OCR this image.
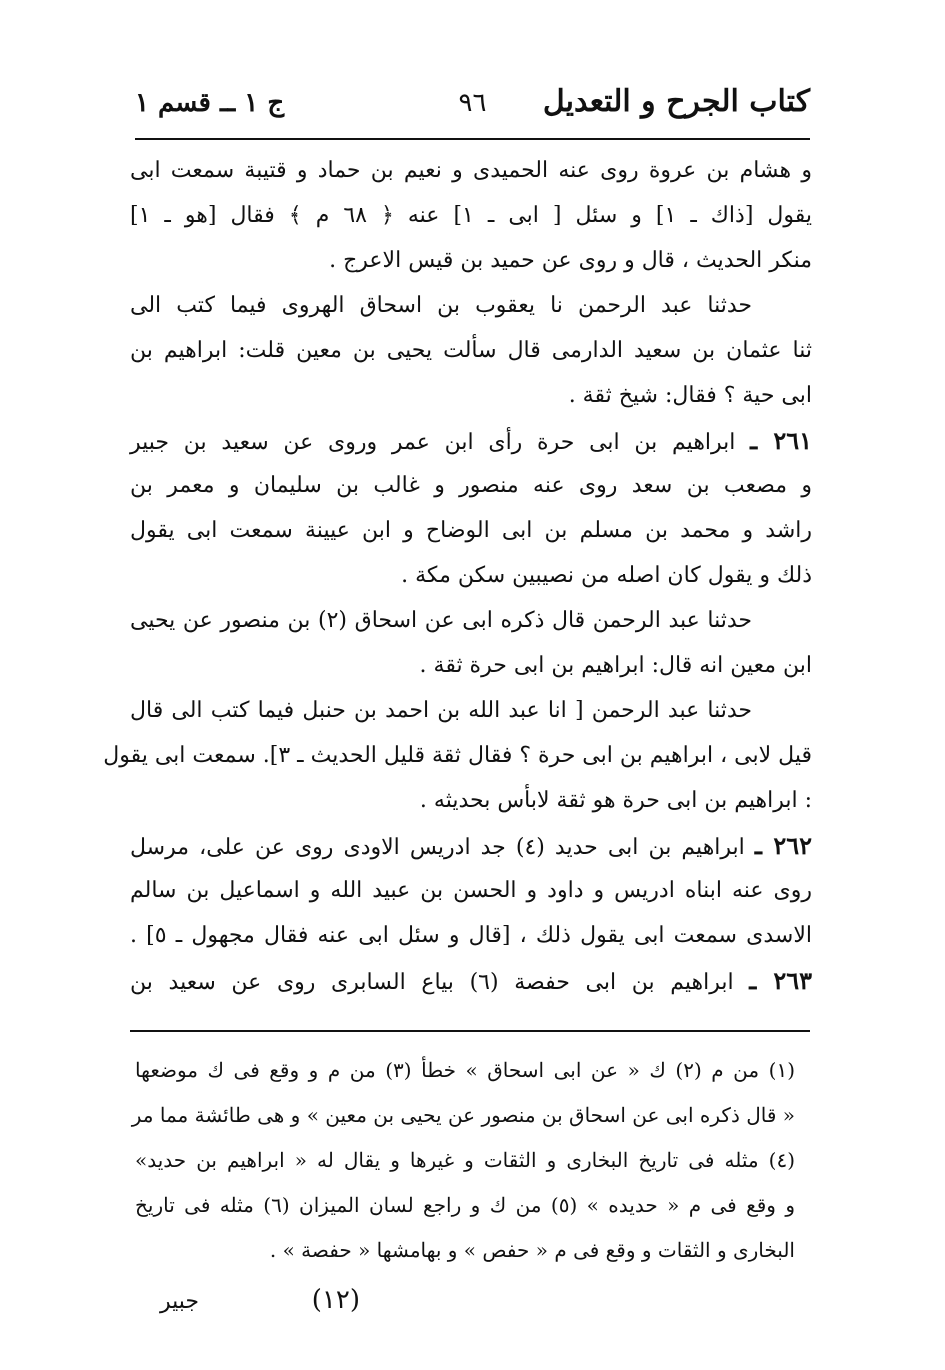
كتاب الجرح و التعديل
٩٦
ج ١ ــ قسم ١
و هشام بن عروة روى عنه الحميدى و نعيم بن حماد و قتيبة سمعت ابى
يقول [ذاك ـ ١] و سئل [ ابى ـ ١] عنه ﴿ ٦٨ م ﴾ فقال [هو ـ ١]
منكر الحديث ، قال و روى عن حميد بن قيس الاعرج .
حدثنا عبد الرحمن نا يعقوب بن اسحاق الهروى فيما كتب الى
ثنا عثمان بن سعيد الدارمى قال سألت يحيى بن معين قلت: ابراهيم بن
ابى حية ؟ فقال: شيخ ثقة .
٢٦١ ـ ابراهيم بن ابى حرة رأى ابن عمر وروى عن سعيد بن جبير
و مصعب بن سعد روى عنه منصور و غالب بن سليمان و معمر بن
راشد و محمد بن مسلم بن ابى الوضاح و ابن عيينة سمعت ابى يقول
ذلك و يقول كان اصله من نصيبين سكن مكة .
حدثنا عبد الرحمن قال ذكره ابى عن اسحاق (٢) بن منصور عن يحيى
ابن معين انه قال: ابراهيم بن ابى حرة ثقة .
حدثنا عبد الرحمن [ انا عبد الله بن احمد بن حنبل فيما كتب الى قال
قيل لابى ، ابراهيم بن ابى حرة ؟ فقال ثقة قليل الحديث ـ ٣]. سمعت ابى يقول
: ابراهيم بن ابى حرة هو ثقة لابأس بحديثه .
٢٦٢ ـ ابراهيم بن ابى حديد (٤) جد ادريس الاودى روى عن على، مرسل
روى عنه ابناه ادريس و داود و الحسن بن عبيد الله و اسماعيل بن سالم
الاسدى سمعت ابى يقول ذلك ، [قال و سئل ابى عنه فقال مجهول ـ ٥] .
٢٦٣ ـ ابراهيم بن ابى حفصة (٦) بياع السابرى روى عن سعيد بن
(١) من م (٢) ك « عن ابى اسحاق » خطأ (٣) من م و وقع فى ك موضعها
« قال ذكره ابى عن اسحاق بن منصور عن يحيى بن معين » و هى طائشة مما مر
(٤) مثله فى تاريخ البخارى و الثقات و غيرها و يقال له « ابراهيم بن حديد»
و وقع فى م « حديده » (٥) من ك و راجع لسان الميزان (٦) مثله فى تاريخ
البخارى و الثقات و وقع فى م « حفص » و بهامشها « حفصة » .
(١٢)
جبير
